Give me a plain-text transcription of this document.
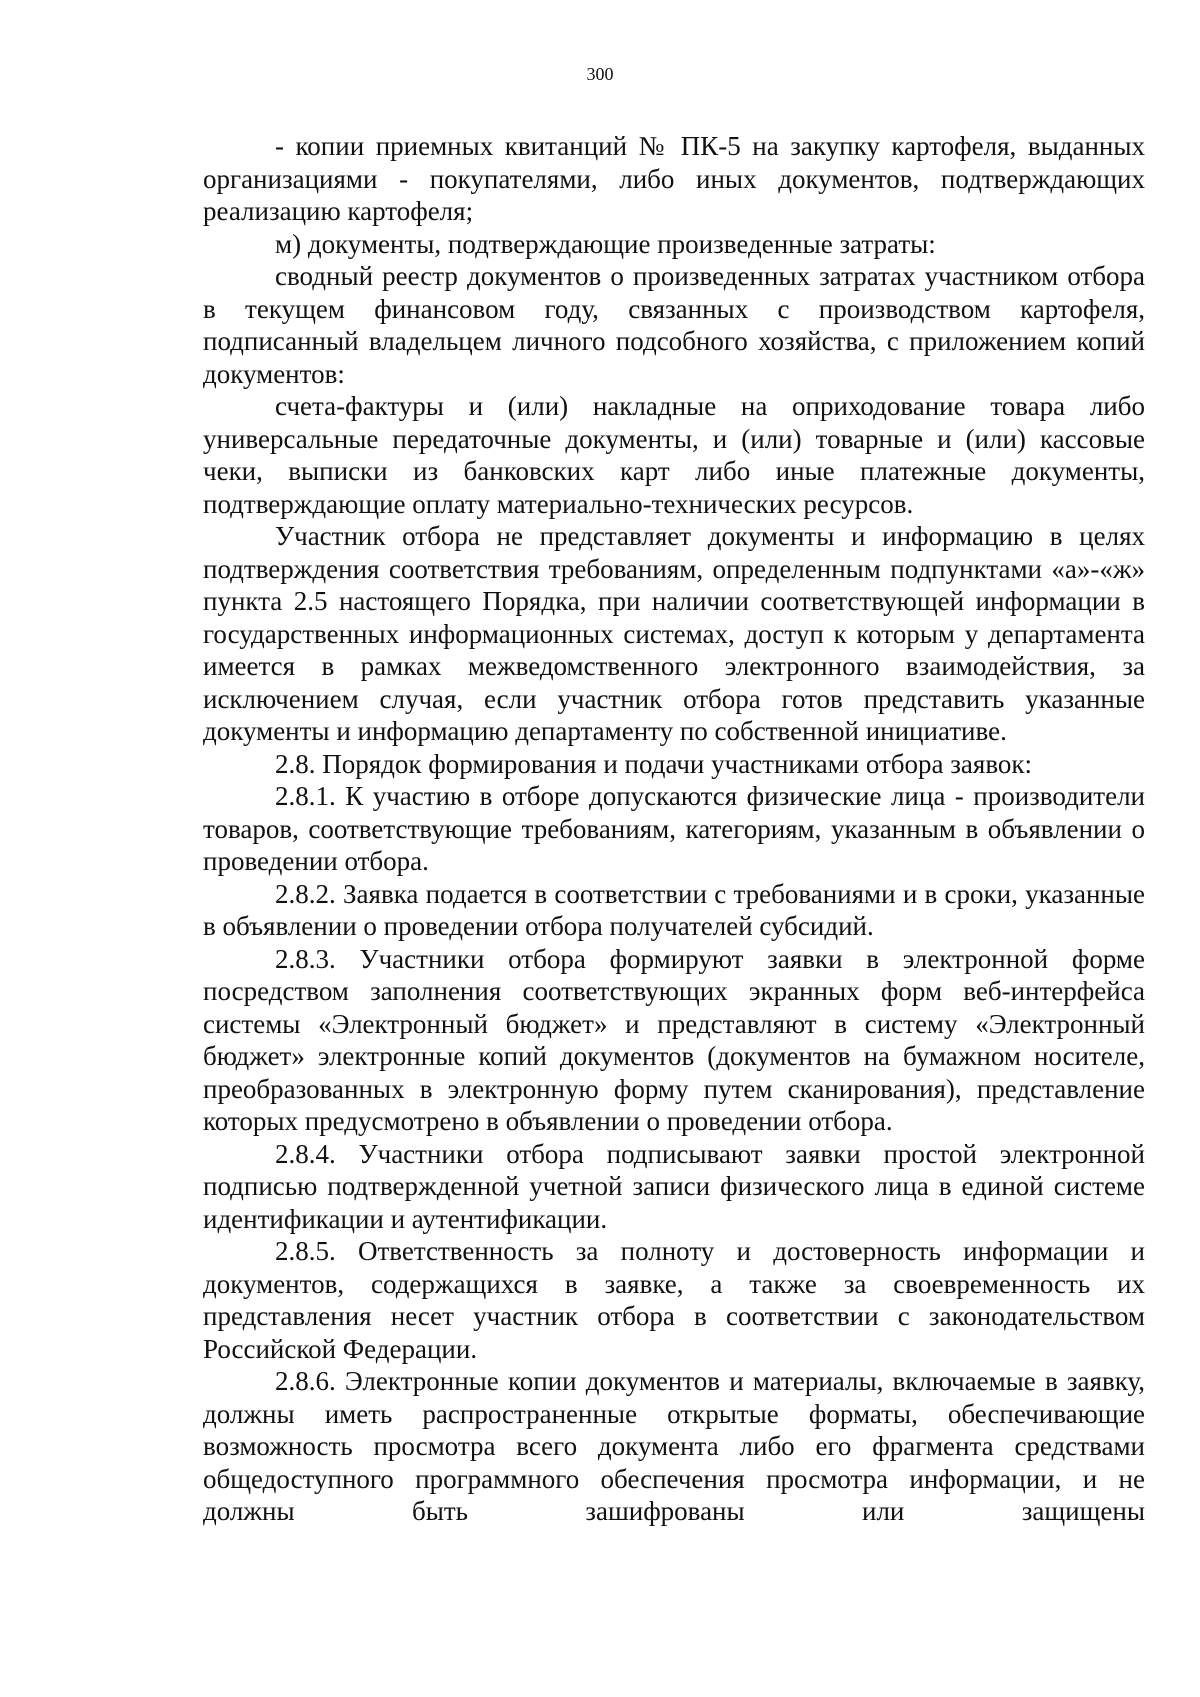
300

- копии приемных квитанций № ПК-5 на закупку картофеля, выданных организациями - покупателями, либо иных документов, подтверждающих реализацию картофеля;

м) документы, подтверждающие произведенные затраты:

сводный реестр документов о произведенных затратах участником отбора в текущем финансовом году, связанных с производством картофеля, подписанный владельцем личного подсобного хозяйства, с приложением копий документов:

счета-фактуры и (или) накладные на оприходование товара либо универсальные передаточные документы, и (или) товарные и (или) кассовые чеки, выписки из банковских карт либо иные платежные документы, подтверждающие оплату материально-технических ресурсов.

Участник отбора не представляет документы и информацию в целях подтверждения соответствия требованиям, определенным подпунктами «а»-«ж» пункта 2.5 настоящего Порядка, при наличии соответствующей информации в государственных информационных системах, доступ к которым у департамента имеется в рамках межведомственного электронного взаимодействия, за исключением случая, если участник отбора готов представить указанные документы и информацию департаменту по собственной инициативе.

2.8. Порядок формирования и подачи участниками отбора заявок:

2.8.1. К участию в отборе допускаются физические лица - производители товаров, соответствующие требованиям, категориям, указанным в объявлении о проведении отбора.

2.8.2. Заявка подается в соответствии с требованиями и в сроки, указанные в объявлении о проведении отбора получателей субсидий.

2.8.3. Участники отбора формируют заявки в электронной форме посредством заполнения соответствующих экранных форм веб-интерфейса системы «Электронный бюджет» и представляют в систему «Электронный бюджет» электронные копий документов (документов на бумажном носителе, преобразованных в электронную форму путем сканирования), представление которых предусмотрено в объявлении о проведении отбора.

2.8.4. Участники отбора подписывают заявки простой электронной подписью подтвержденной учетной записи физического лица в единой системе идентификации и аутентификации.

2.8.5. Ответственность за полноту и достоверность информации и документов, содержащихся в заявке, а также за своевременность их представления несет участник отбора в соответствии с законодательством Российской Федерации.

2.8.6. Электронные копии документов и материалы, включаемые в заявку, должны иметь распространенные открытые форматы, обеспечивающие возможность просмотра всего документа либо его фрагмента средствами общедоступного программного обеспечения просмотра информации, и не должны быть зашифрованы или защищены
